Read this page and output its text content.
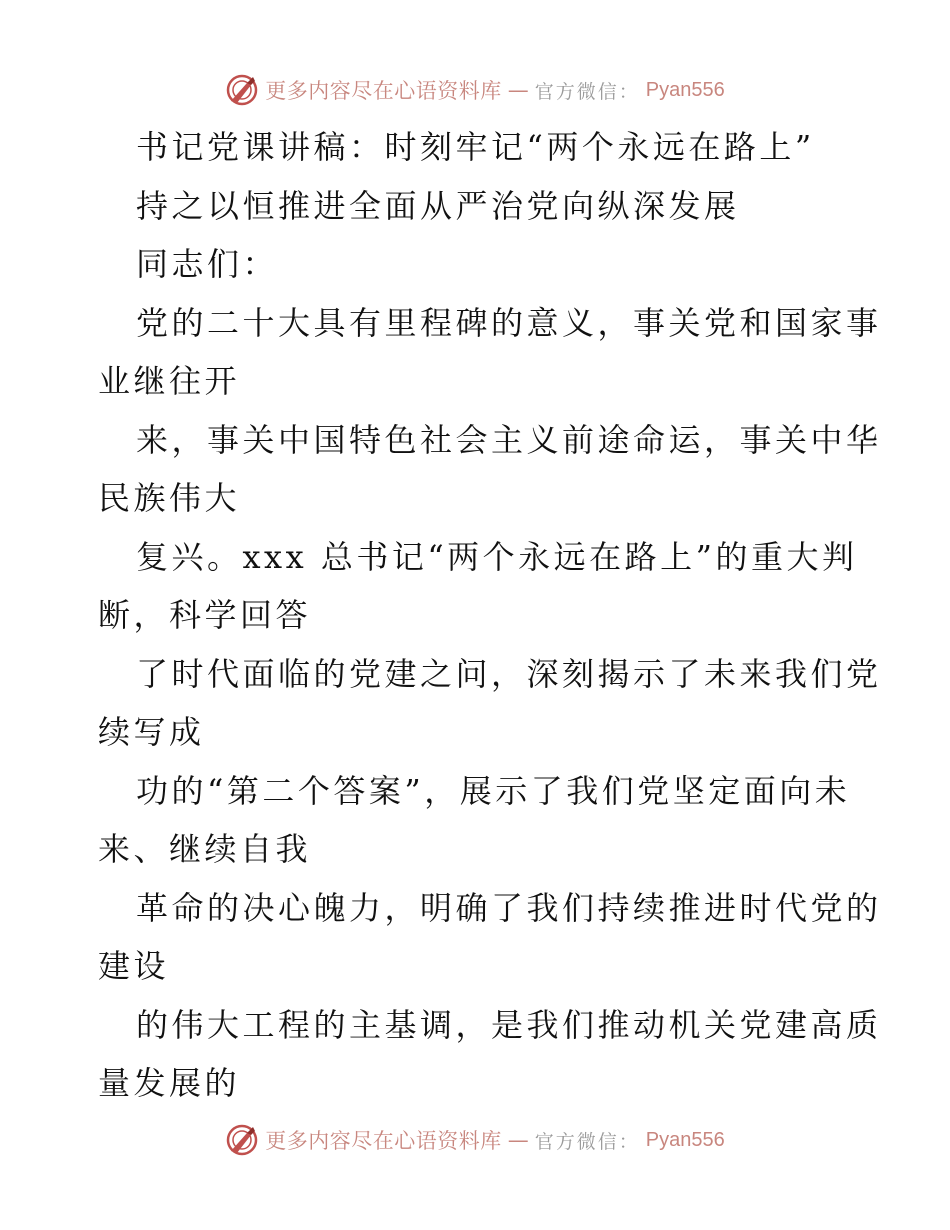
更多内容尽在心语资料库 — 官方微信： Pyan556
书记党课讲稿：时刻牢记“两个永远在路上”
持之以恒推进全面从严治党向纵深发展
同志们：
党的二十大具有里程碑的意义，事关党和国家事
业继往开
来，事关中国特色社会主义前途命运，事关中华
民族伟大
复兴。xxx 总书记“两个永远在路上”的重大判
断，科学回答
了时代面临的党建之问，深刻揭示了未来我们党
续写成
功的“第二个答案”，展示了我们党坚定面向未
来、继续自我
革命的决心魄力，明确了我们持续推进时代党的
建设
的伟大工程的主基调，是我们推动机关党建高质
量发展的
更多内容尽在心语资料库 — 官方微信： Pyan556
